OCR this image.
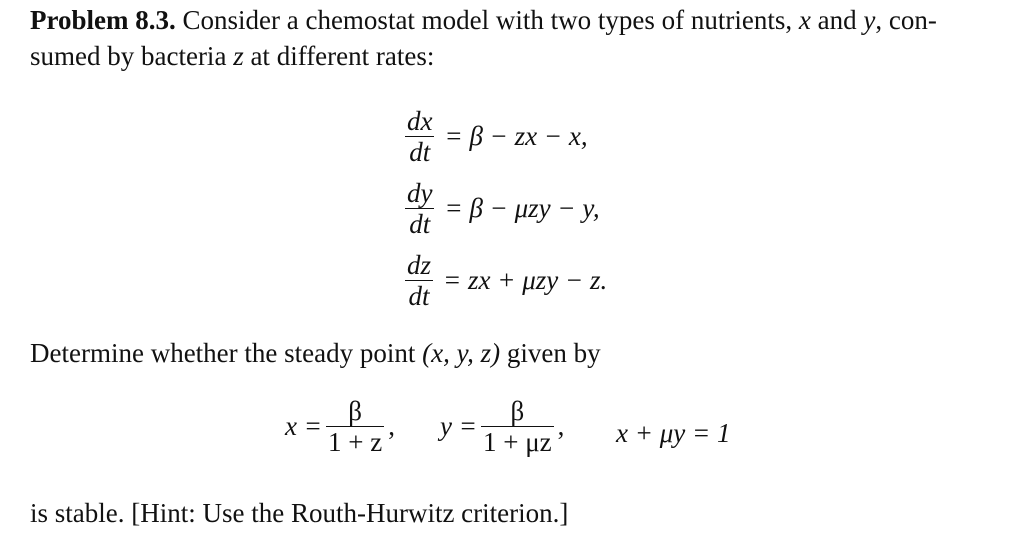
Problem 8.3. Consider a chemostat model with two types of nutrients, x and y, con-sumed by bacteria z at different rates:
$\frac{dx}{dt} = \beta$ − zx − x,
$\frac{dy}{dt} = \beta - \mu zy - y$,
$\frac{dz}{dt}$ = zx + μzy − z.
Determine whether the steady point (x, y, z) given by
$x = \frac{\beta}{1 + z}$ , $y = \frac{\beta}{1 + \mu z}$ , x + μy = 1
is stable. [Hint: Use the Routh-Hurwitz criterion.]
